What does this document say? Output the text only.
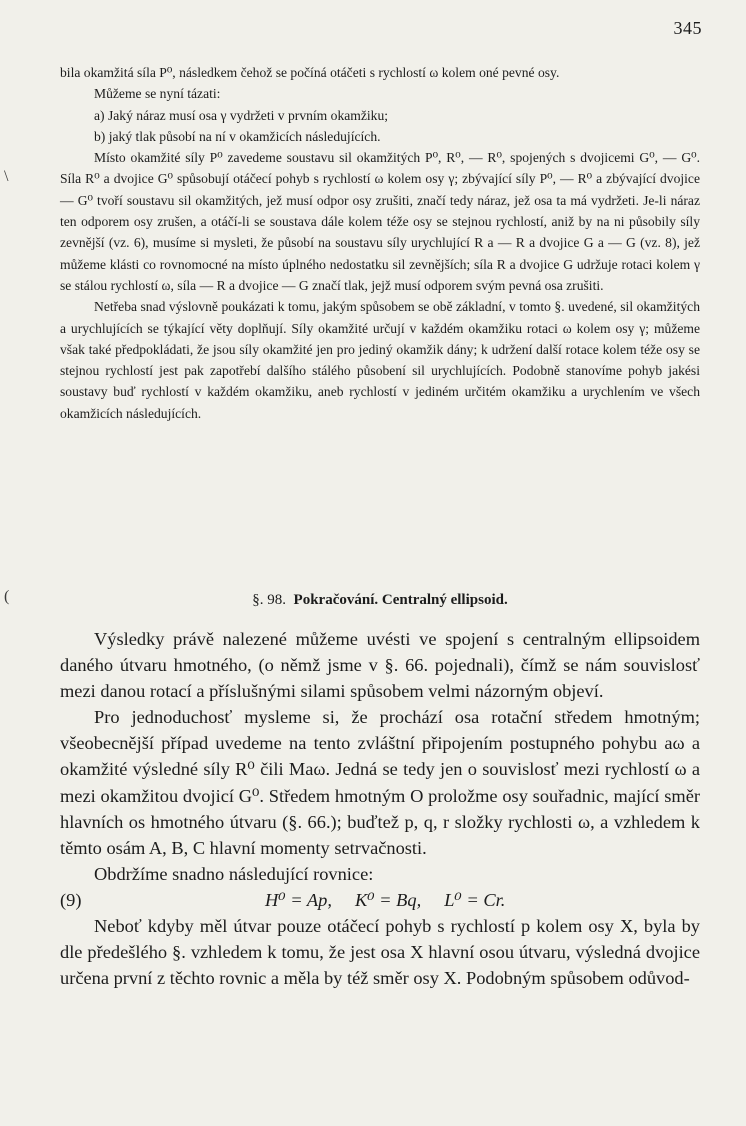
345
\
(

bila okamžitá síla P⁰, následkem čehož se počíná otáčeti s rychlostí ω kolem oné pevné osy.

Můžeme se nyní tázati:

a) Jaký náraz musí osa γ vydržeti v prvním okamžiku;

b) jaký tlak působí na ní v okamžicích následujících.

Místo okamžité síly P⁰ zavedeme soustavu sil okamžitých P⁰, R⁰, — R⁰, spojených s dvojicemi G⁰, — G⁰. Síla R⁰ a dvojice G⁰ spůsobují otáčecí pohyb s rychlostí ω kolem osy γ; zbývající síly P⁰, — R⁰ a zbývající dvojice — G⁰ tvoří soustavu sil okamžitých, jež musí odpor osy zrušiti, značí tedy náraz, jež osa ta má vydržeti. Je-li náraz ten odporem osy zrušen, a otáčí-li se soustava dále kolem téže osy se stejnou rychlostí, aniž by na ni působily síly zevnější (vz. 6), musíme si mysleti, že působí na soustavu síly urychlující R a — R a dvojice G a — G (vz. 8), jež můžeme klásti co rovnomocné na místo úplného nedostatku sil zevnějších; síla R a dvojice G udržuje rotaci kolem γ se stálou rychlostí ω, síla — R a dvojice — G značí tlak, jejž musí odporem svým pevná osa zrušiti.

Netřeba snad výslovně poukázati k tomu, jakým spůsobem se obě základní, v tomto §. uvedené, sil okamžitých a urychlujících se týkající věty doplňují. Síly okamžité určují v každém okamžiku rotaci ω kolem osy γ; můžeme však také předpokládati, že jsou síly okamžité jen pro jediný okamžik dány; k udržení další rotace kolem téže osy se stejnou rychlostí jest pak zapotřebí dalšího stálého působení sil urychlujících. Podobně stanovíme pohyb jakési soustavy buď rychlostí v každém okamžiku, aneb rychlostí v jediném určitém okamžiku a urychlením ve všech okamžicích následujících.

§. 98. Pokračování. Centralný ellipsoid.

Výsledky právě nalezené můžeme uvésti ve spojení s centralným ellipsoidem daného útvaru hmotného, (o němž jsme v §. 66. pojednali), čímž se nám souvislosť mezi danou rotací a příslušnými silami spůsobem velmi názorným objeví.

Pro jednoduchosť mysleme si, že prochází osa rotační středem hmotným; všeobecnější případ uvedeme na tento zvláštní připojením postupného pohybu aω a okamžité výsledné síly R⁰ čili Maω. Jedná se tedy jen o souvislosť mezi rychlostí ω a mezi okamžitou dvojicí G⁰. Středem hmotným O proložme osy souřadnic, mající směr hlavních os hmotného útvaru (§. 66.); buďtež p, q, r složky rychlosti ω, a vzhledem k těmto osám A, B, C hlavní momenty setrvačnosti.

Obdržíme snadno následující rovnice:

(9)	H⁰ = Ap,     K⁰ = Bq,     L⁰ = Cr.

Neboť kdyby měl útvar pouze otáčecí pohyb s rychlostí p kolem osy X, byla by dle předešlého §. vzhledem k tomu, že jest osa X hlavní osou útvaru, výsledná dvojice určena první z těchto rovnic a měla by též směr osy X. Podobným spůsobem odůvod-
